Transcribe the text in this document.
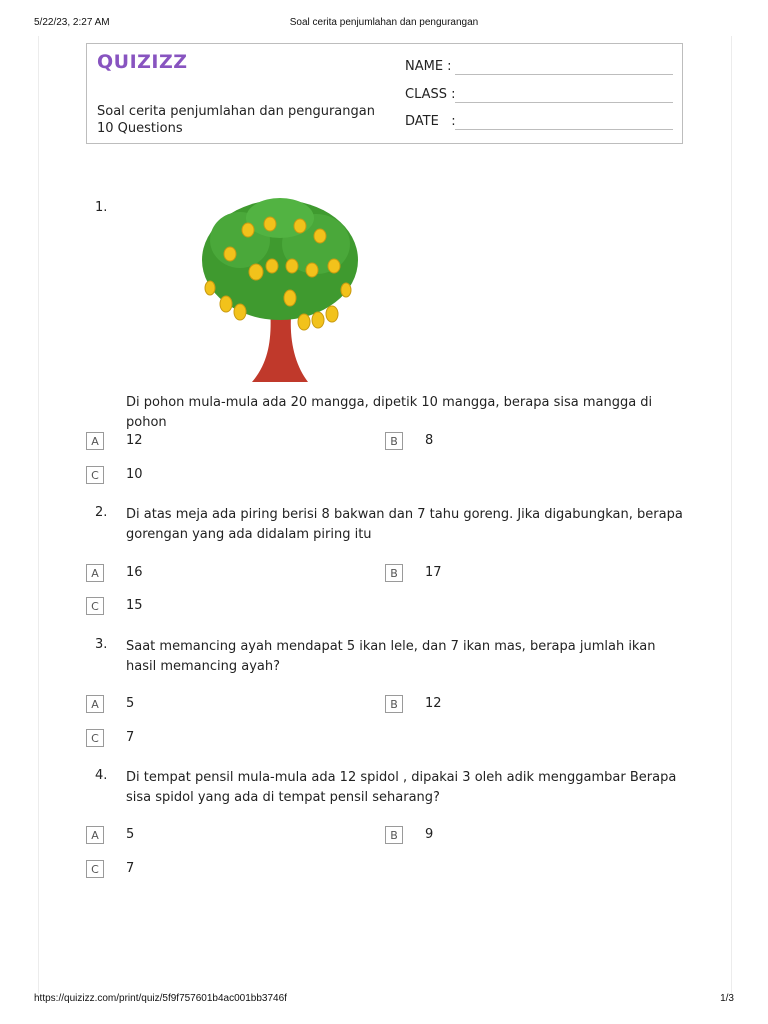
5/22/23, 2:27 AM	Soal cerita penjumlahan dan pengurangan
QUIZIZZ
Soal cerita penjumlahan dan pengurangan
10 Questions
NAME :
CLASS :
DATE   :
1.
Di pohon mula-mula ada 20 mangga, dipetik 10 mangga, berapa sisa mangga di pohon
A	12	B	8
C	10
2. Di atas meja ada piring berisi 8 bakwan dan 7 tahu goreng. Jika digabungkan, berapa gorengan yang ada didalam piring itu
A	16	B	17
C	15
3. Saat memancing ayah mendapat 5 ikan lele, dan 7 ikan mas, berapa jumlah ikan hasil memancing ayah?
A	5	B	12
C	7
4. Di tempat pensil mula-mula ada 12 spidol , dipakai 3 oleh adik menggambar Berapa sisa spidol yang ada di tempat pensil seharang?
A	5	B	9
C	7
https://quizizz.com/print/quiz/5f9f757601b4ac001bb3746f	1/3
